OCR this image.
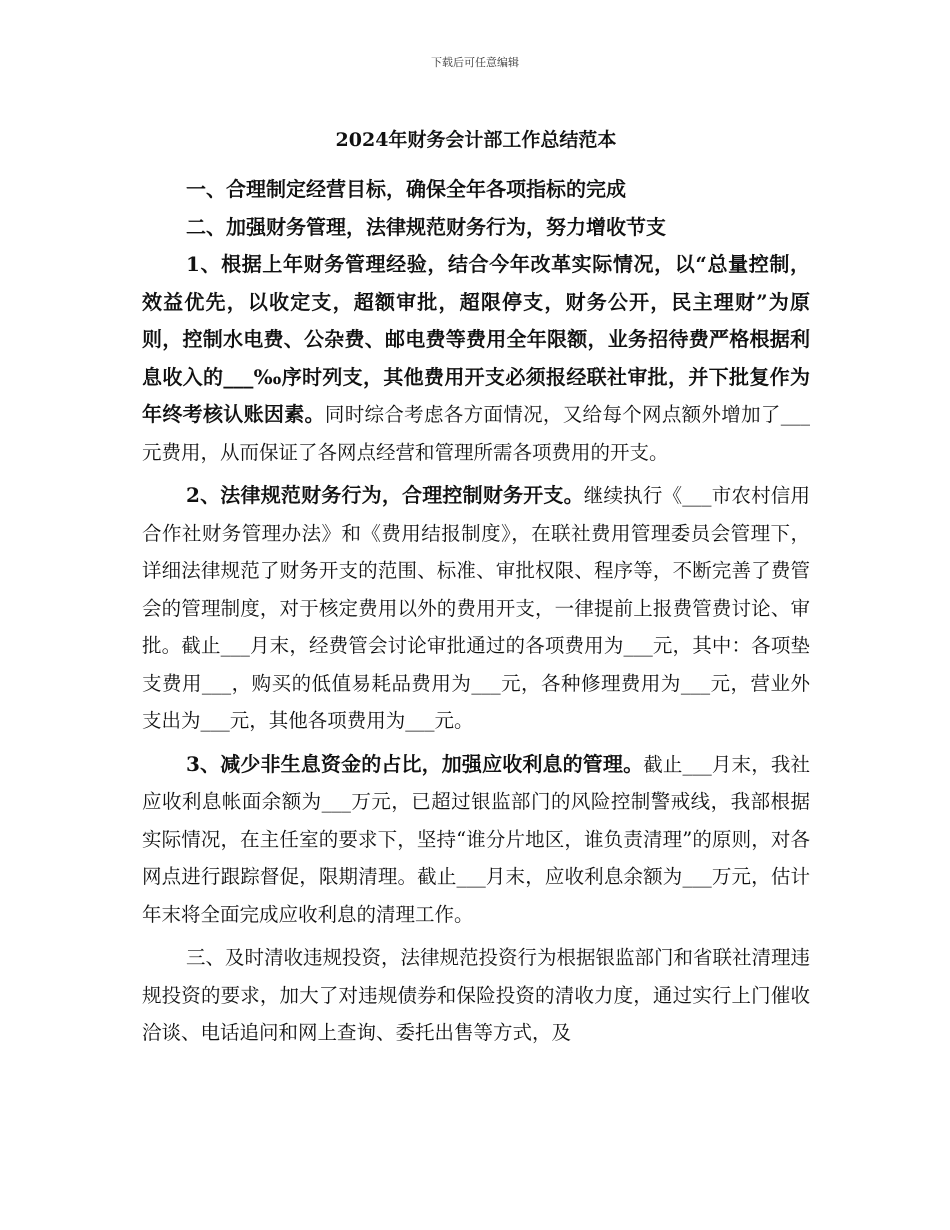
下载后可任意编辑
2024年财务会计部工作总结范本

一、合理制定经营目标，确保全年各项指标的完成

二、加强财务管理，法律规范财务行为，努力增收节支

1、根据上年财务管理经验，结合今年改革实际情况，以“总量控制，效益优先，以收定支，超额审批，超限停支，财务公开，民主理财”为原则，控制水电费、公杂费、邮电费等费用全年限额，业务招待费严格根据利息收入的___‰序时列支，其他费用开支必须报经联社审批，并下批复作为年终考核认账因素。同时综合考虑各方面情况，又给每个网点额外增加了___元费用，从而保证了各网点经营和管理所需各项费用的开支。

2、法律规范财务行为，合理控制财务开支。继续执行《___市农村信用合作社财务管理办法》和《费用结报制度》，在联社费用管理委员会管理下，详细法律规范了财务开支的范围、标准、审批权限、程序等，不断完善了费管会的管理制度，对于核定费用以外的费用开支，一律提前上报费管费讨论、审批。截止___月末，经费管会讨论审批通过的各项费用为___元，其中：各项垫支费用___，购买的低值易耗品费用为___元，各种修理费用为___元，营业外支出为___元，其他各项费用为___元。

3、减少非生息资金的占比，加强应收利息的管理。截止___月末，我社应收利息帐面余额为___万元，已超过银监部门的风险控制警戒线，我部根据实际情况，在主任室的要求下，坚持“谁分片地区，谁负责清理”的原则，对各网点进行跟踪督促，限期清理。截止___月末，应收利息余额为___万元，估计年末将全面完成应收利息的清理工作。

三、及时清收违规投资，法律规范投资行为根据银监部门和省联社清理违规投资的要求，加大了对违规债券和保险投资的清收力度，通过实行上门催收洽谈、电话追问和网上查询、委托出售等方式，及
